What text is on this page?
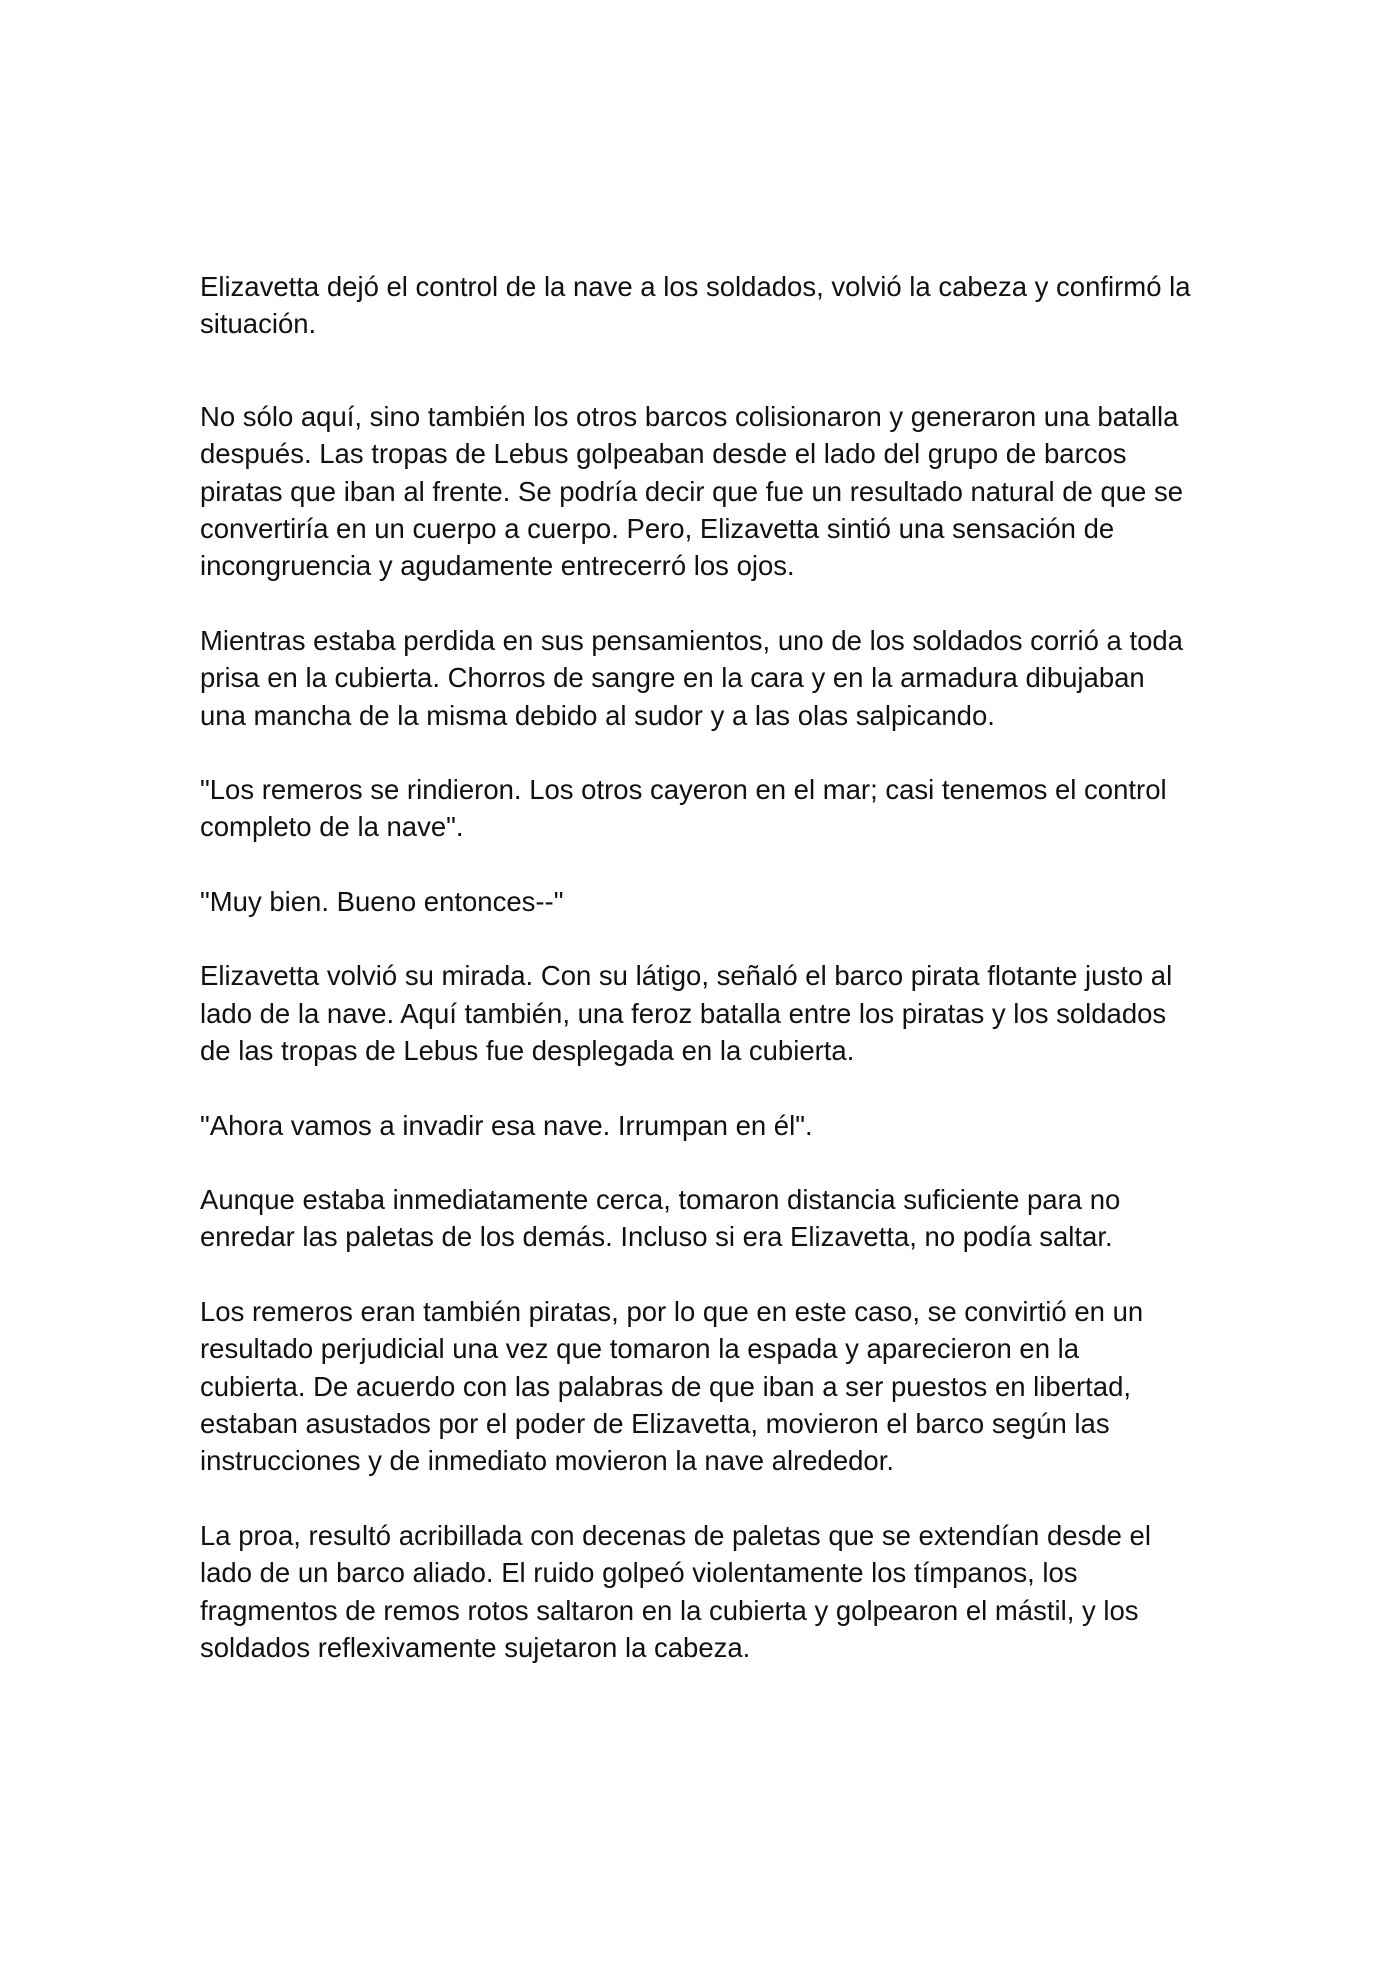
Elizavetta dejó el control de la nave a los soldados, volvió la cabeza y confirmó la
situación.

No sólo aquí, sino también los otros barcos colisionaron y generaron una batalla
después. Las tropas de Lebus golpeaban desde el lado del grupo de barcos
piratas que iban al frente. Se podría decir que fue un resultado natural de que se
convertiría en un cuerpo a cuerpo. Pero, Elizavetta sintió una sensación de
incongruencia y agudamente entrecerró los ojos.

Mientras estaba perdida en sus pensamientos, uno de los soldados corrió a toda
prisa en la cubierta. Chorros de sangre en la cara y en la armadura dibujaban
una mancha de la misma debido al sudor y a las olas salpicando.

"Los remeros se rindieron. Los otros cayeron en el mar; casi tenemos el control
completo de la nave".

"Muy bien. Bueno entonces--"

Elizavetta volvió su mirada. Con su látigo, señaló el barco pirata flotante justo al
lado de la nave. Aquí también, una feroz batalla entre los piratas y los soldados
de las tropas de Lebus fue desplegada en la cubierta.

"Ahora vamos a invadir esa nave. Irrumpan en él".

Aunque estaba inmediatamente cerca, tomaron distancia suficiente para no
enredar las paletas de los demás. Incluso si era Elizavetta, no podía saltar.

Los remeros eran también piratas, por lo que en este caso, se convirtió en un
resultado perjudicial una vez que tomaron la espada y aparecieron en la
cubierta. De acuerdo con las palabras de que iban a ser puestos en libertad,
estaban asustados por el poder de Elizavetta, movieron el barco según las
instrucciones y de inmediato movieron la nave alrededor.

La proa, resultó acribillada con decenas de paletas que se extendían desde el
lado de un barco aliado. El ruido golpeó violentamente los tímpanos, los
fragmentos de remos rotos saltaron en la cubierta y golpearon el mástil, y los
soldados reflexivamente sujetaron la cabeza.
